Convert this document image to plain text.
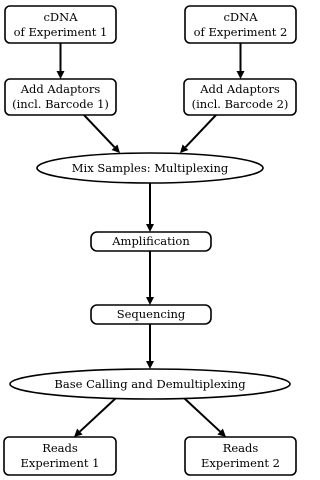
cDNA
of Experiment 1
cDNA
of Experiment 2
Add Adaptors
(incl. Barcode 1)
Add Adaptors
(incl. Barcode 2)
Mix Samples: Multiplexing
Amplification
Sequencing
Base Calling and Demultiplexing
Reads
Experiment 1
Reads
Experiment 2
